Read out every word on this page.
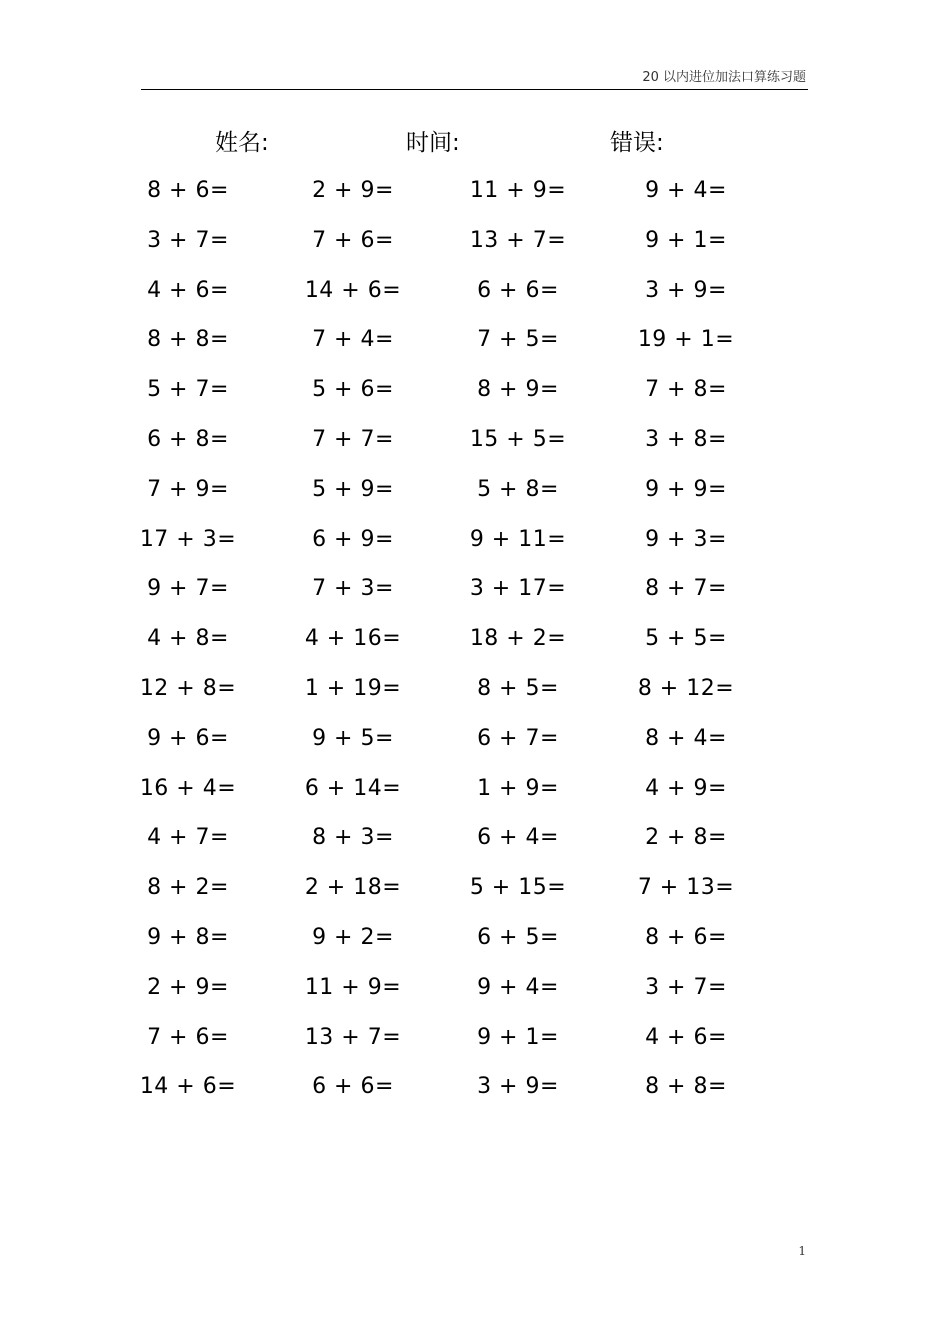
20 以内进位加法口算练习题
姓名:	时间:	错误:
8 + 6=	2 + 9=	11 + 9=	9 + 4=
3 + 7=	7 + 6=	13 + 7=	9 + 1=
4 + 6=	14 + 6=	6 + 6=	3 + 9=
8 + 8=	7 + 4=	7 + 5=	19 + 1=
5 + 7=	5 + 6=	8 + 9=	7 + 8=
6 + 8=	7 + 7=	15 + 5=	3 + 8=
7 + 9=	5 + 9=	5 + 8=	9 + 9=
17 + 3=	6 + 9=	9 + 11=	9 + 3=
9 + 7=	7 + 3=	3 + 17=	8 + 7=
4 + 8=	4 + 16=	18 + 2=	5 + 5=
12 + 8=	1 + 19=	8 + 5=	8 + 12=
9 + 6=	9 + 5=	6 + 7=	8 + 4=
16 + 4=	6 + 14=	1 + 9=	4 + 9=
4 + 7=	8 + 3=	6 + 4=	2 + 8=
8 + 2=	2 + 18=	5 + 15=	7 + 13=
9 + 8=	9 + 2=	6 + 5=	8 + 6=
2 + 9=	11 + 9=	9 + 4=	3 + 7=
7 + 6=	13 + 7=	9 + 1=	4 + 6=
14 + 6=	6 + 6=	3 + 9=	8 + 8=
1
